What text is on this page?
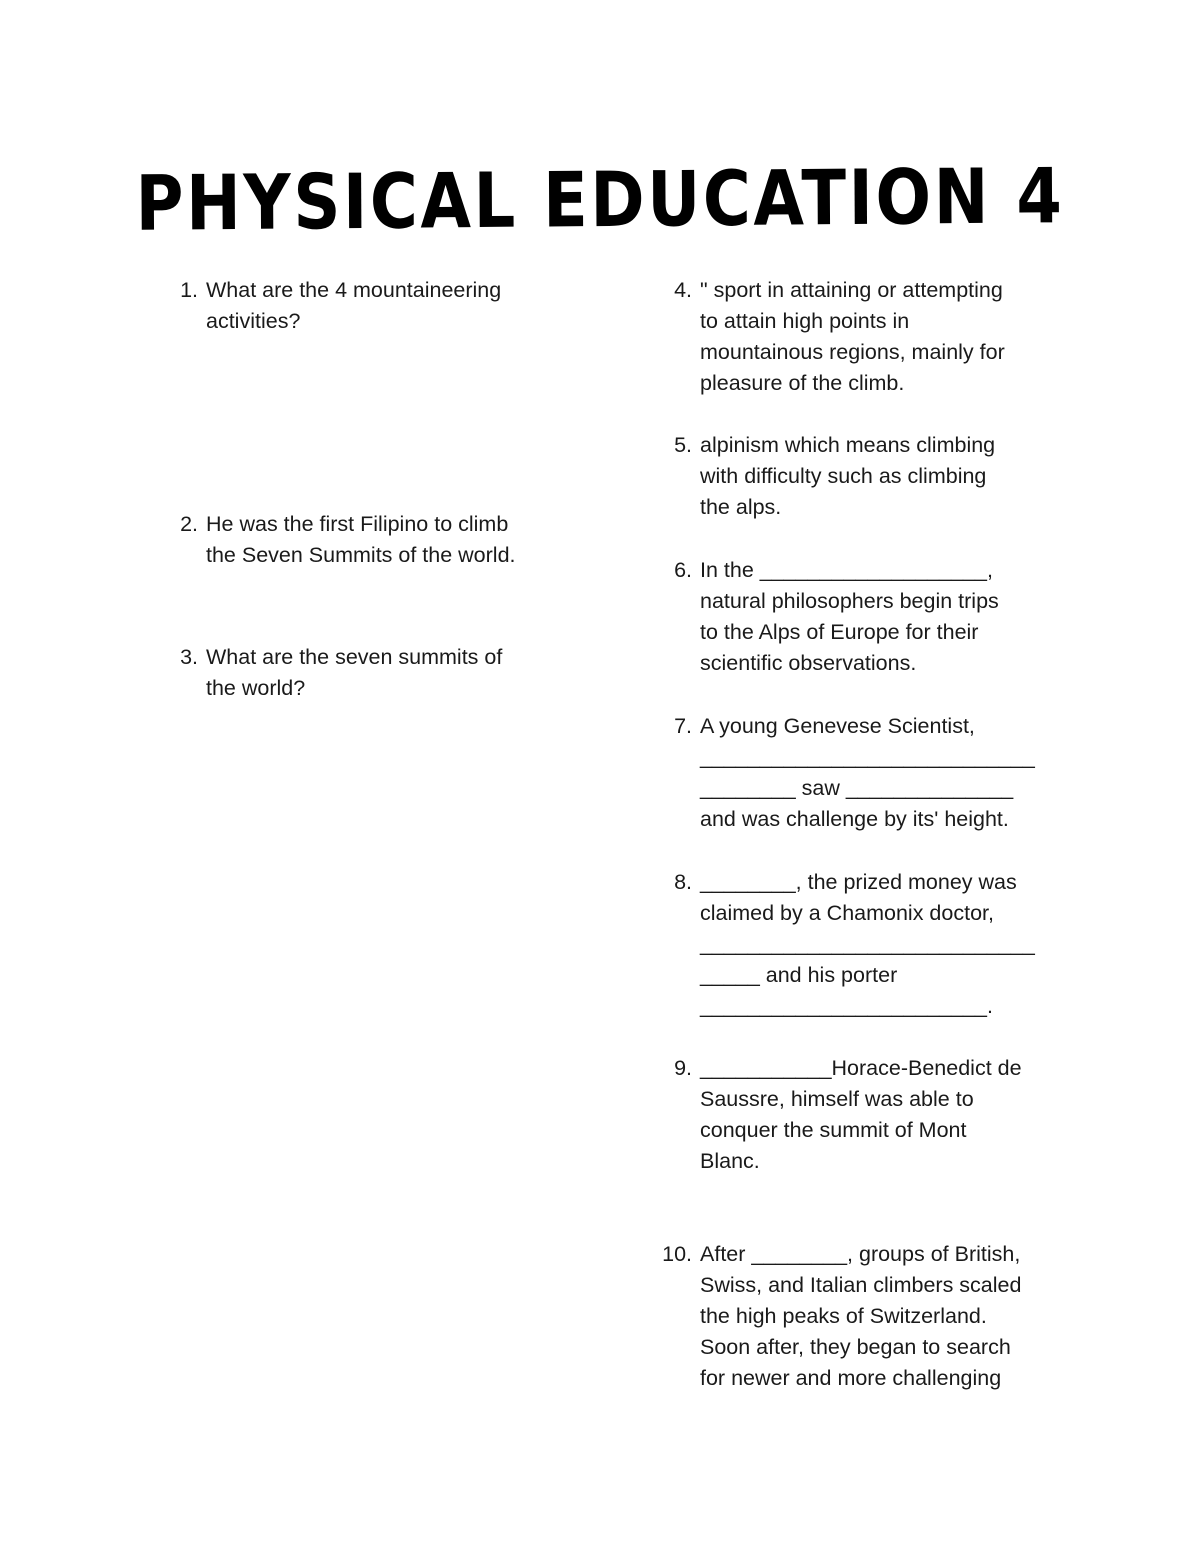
PHYSICAL EDUCATION 4
1. What are the 4 mountaineering
activities?
2. He was the first Filipino to climb
the Seven Summits of the world.
3. What are the seven summits of
the world?
4. " sport in attaining or attempting
to attain high points in
mountainous regions, mainly for
pleasure of the climb.
5. alpinism which means climbing
with difficulty such as climbing
the alps.
6. In the ___________________,
natural philosophers begin trips
to the Alps of Europe for their
scientific observations.
7. A young Genevese Scientist,
____________________________
________ saw ______________
and was challenge by its' height.
8. ________, the prized money was
claimed by a Chamonix doctor,
____________________________
_____ and his porter
________________________.
9. ___________Horace-Benedict de
Saussre, himself was able to
conquer the summit of Mont
Blanc.
10. After ________, groups of British,
Swiss, and Italian climbers scaled
the high peaks of Switzerland.
Soon after, they began to search
for newer and more challenging
